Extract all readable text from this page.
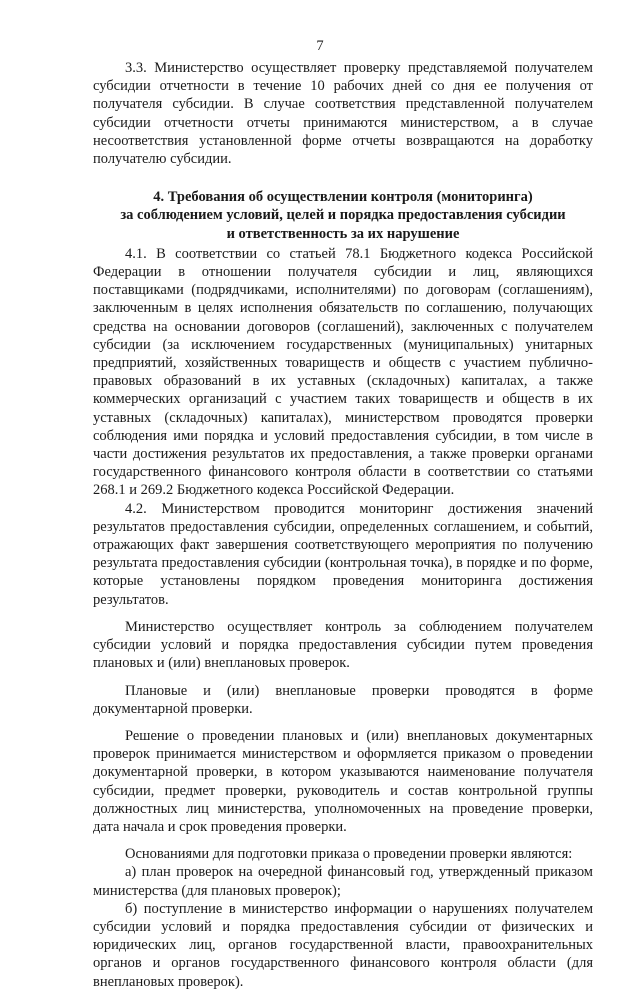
7

3.3. Министерство осуществляет проверку представляемой получателем субсидии отчетности в течение 10 рабочих дней со дня ее получения от получателя субсидии. В случае соответствия представленной получателем субсидии отчетности отчеты принимаются министерством, а в случае несоответствия установленной форме отчеты возвращаются на доработку получателю субсидии.

4. Требования об осуществлении контроля (мониторинга)
за соблюдением условий, целей и порядка предоставления субсидии
и ответственность за их нарушение

4.1. В соответствии со статьей 78.1 Бюджетного кодекса Российской Федерации в отношении получателя субсидии и лиц, являющихся поставщиками (подрядчиками, исполнителями) по договорам (соглашениям), заключенным в целях исполнения обязательств по соглашению, получающих средства на основании договоров (соглашений), заключенных с получателем субсидии (за исключением государственных (муниципальных) унитарных предприятий, хозяйственных товариществ и обществ с участием публично-правовых образований в их уставных (складочных) капиталах, а также коммерческих организаций с участием таких товариществ и обществ в их уставных (складочных) капиталах), министерством проводятся проверки соблюдения ими порядка и условий предоставления субсидии, в том числе в части достижения результатов их предоставления, а также проверки органами государственного финансового контроля области в соответствии со статьями 268.1 и 269.2 Бюджетного кодекса Российской Федерации.

4.2. Министерством проводится мониторинг достижения значений результатов предоставления субсидии, определенных соглашением, и событий, отражающих факт завершения соответствующего мероприятия по получению результата предоставления субсидии (контрольная точка), в порядке и по форме, которые установлены порядком проведения мониторинга достижения результатов.

Министерство осуществляет контроль за соблюдением получателем субсидии условий и порядка предоставления субсидии путем проведения плановых и (или) внеплановых проверок.

Плановые и (или) внеплановые проверки проводятся в форме документарной проверки.

Решение о проведении плановых и (или) внеплановых документарных проверок принимается министерством и оформляется приказом о проведении документарной проверки, в котором указываются наименование получателя субсидии, предмет проверки, руководитель и состав контрольной группы должностных лиц министерства, уполномоченных на проведение проверки, дата начала и срок проведения проверки.

Основаниями для подготовки приказа о проведении проверки являются:

а) план проверок на очередной финансовый год, утвержденный приказом министерства (для плановых проверок);

б) поступление в министерство информации о нарушениях получателем субсидии условий и порядка предоставления субсидии от физических и юридических лиц, органов государственной власти, правоохранительных органов и органов государственного финансового контроля области (для внеплановых проверок).
